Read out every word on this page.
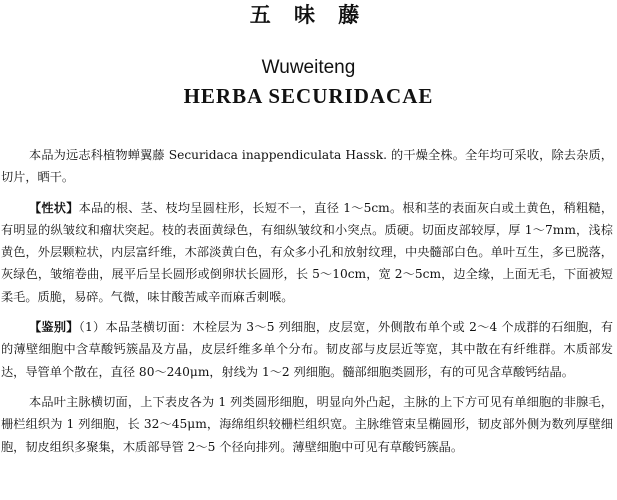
五 味 藤
Wuweiteng
HERBA SECURIDACAE

本品为远志科植物蝉翼藤 Securidaca inappendiculata Hassk. 的干燥全株。全年均可采收，除去杂质，切片，晒干。

【性状】本品的根、茎、枝均呈圆柱形，长短不一，直径 1～5cm。根和茎的表面灰白或土黄色，稍粗糙，有明显的纵皱纹和瘤状突起。枝的表面黄绿色，有细纵皱纹和小突点。质硬。切面皮部较厚，厚 1～7mm，浅棕黄色，外层颗粒状，内层富纤维，木部淡黄白色，有众多小孔和放射纹理，中央髓部白色。单叶互生，多已脱落，灰绿色，皱缩卷曲，展平后呈长圆形或倒卵状长圆形，长 5～10cm，宽 2～5cm，边全缘，上面无毛，下面被短柔毛。质脆，易碎。气微，味甘酸苦咸辛而麻舌刺喉。

【鉴别】（1）本品茎横切面：木栓层为 3～5 列细胞，皮层宽，外侧散布单个或 2～4 个成群的石细胞，有的薄壁细胞中含草酸钙簇晶及方晶，皮层纤维多单个分布。韧皮部与皮层近等宽，其中散在有纤维群。木质部发达，导管单个散在，直径 80～240μm，射线为 1～2 列细胞。髓部细胞类圆形，有的可见含草酸钙结晶。

本品叶主脉横切面，上下表皮各为 1 列类圆形细胞，明显向外凸起，主脉的上下方可见有单细胞的非腺毛，栅栏组织为 1 列细胞，长 32～45μm，海绵组织较栅栏组织宽。主脉维管束呈椭圆形，韧皮部外侧为数列厚壁细胞，韧皮组织多聚集，木质部导管 2～5 个径向排列。薄壁细胞中可见有草酸钙簇晶。
